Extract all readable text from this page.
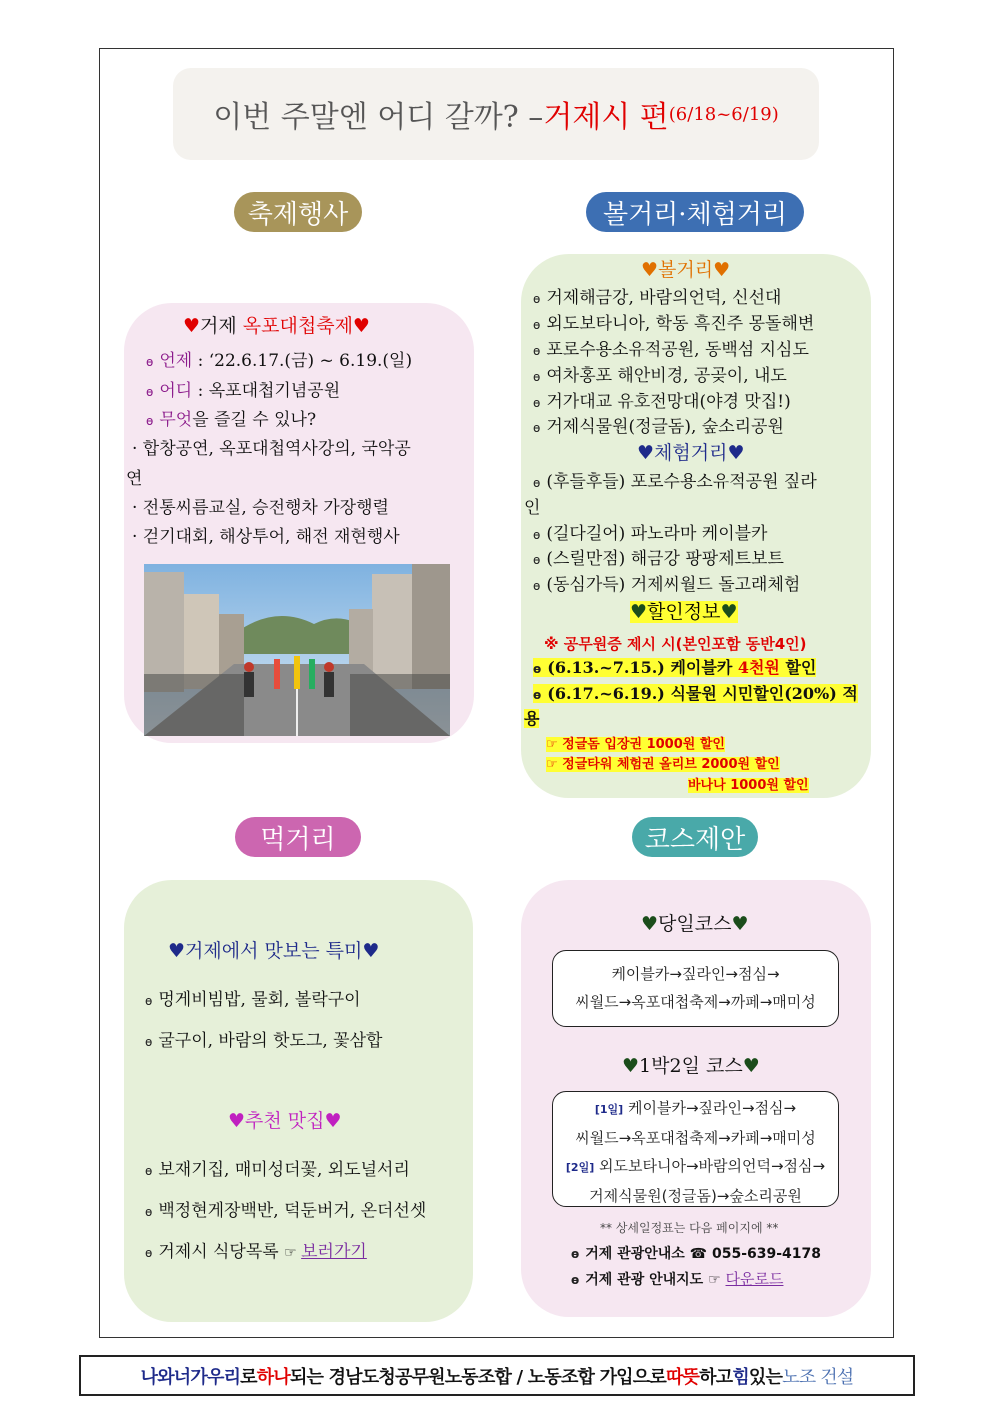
이번 주말엔 어디 갈까? – 거제시 편 (6/18~6/19)
축제행사	볼거리·체험거리
먹거리	코스제안
♥거제 옥포대첩축제♥
ɵ 언제 : ‘22.6.17.(금) ~ 6.19.(일)
ɵ 어디 : 옥포대첩기념공원
ɵ 무엇을 즐길 수 있나?
· 합창공연, 옥포대첩역사강의, 국악공
연
· 전통씨름교실, 승전행차 가장행렬
· 걷기대회, 해상투어, 해전 재현행사
♥볼거리♥
ɵ 거제해금강, 바람의언덕, 신선대
ɵ 외도보타니아, 학동 흑진주 몽돌해변
ɵ 포로수용소유적공원, 동백섬 지심도
ɵ 여차홍포 해안비경, 공곶이, 내도
ɵ 거가대교 유호전망대(야경 맛집!)
ɵ 거제식물원(정글돔), 숲소리공원
♥체험거리♥
ɵ (후들후들) 포로수용소유적공원 짚라
인
ɵ (길다길어) 파노라마 케이블카
ɵ (스릴만점) 해금강 팡팡제트보트
ɵ (동심가득) 거제씨월드 돌고래체험
♥할인정보♥
※ 공무원증 제시 시(본인포함 동반4인)
ɵ (6.13.~7.15.) 케이블카 4천원 할인
ɵ (6.17.~6.19.) 식물원 시민할인(20%) 적
용
☞ 정글돔 입장권 1000원 할인
☞ 정글타워 체험권 올리브 2000원 할인
바나나 1000원 할인
♥거제에서 맛보는 특미♥
ɵ 멍게비빔밥, 물회, 볼락구이
ɵ 굴구이, 바람의 핫도그, 꽃삼합
♥추천 맛집♥
ɵ 보재기집, 매미성더꽃, 외도널서리
ɵ 백정현게장백반, 덕둔버거, 온더선셋
ɵ 거제시 식당목록 ☞ 보러가기
♥당일코스♥
케이블카→짚라인→점심→
씨월드→옥포대첩축제→까페→매미성
♥1박2일 코스♥
[1일] 케이블카→짚라인→점심→
씨월드→옥포대첩축제→카페→매미성
[2일] 외도보타니아→바람의언덕→점심→
거제식물원(정글돔)→숲소리공원
** 상세일정표는 다음 페이지에 **
ɵ 거제 관광안내소 ☎ 055-639-4178
ɵ 거제 관광 안내지도 ☞ 다운로드
나와 너가 우리 로 하나 되는 경남도청공무원노동조합 / 노동조합 가입으로 따뜻 하고 힘 있는 노조 건설
